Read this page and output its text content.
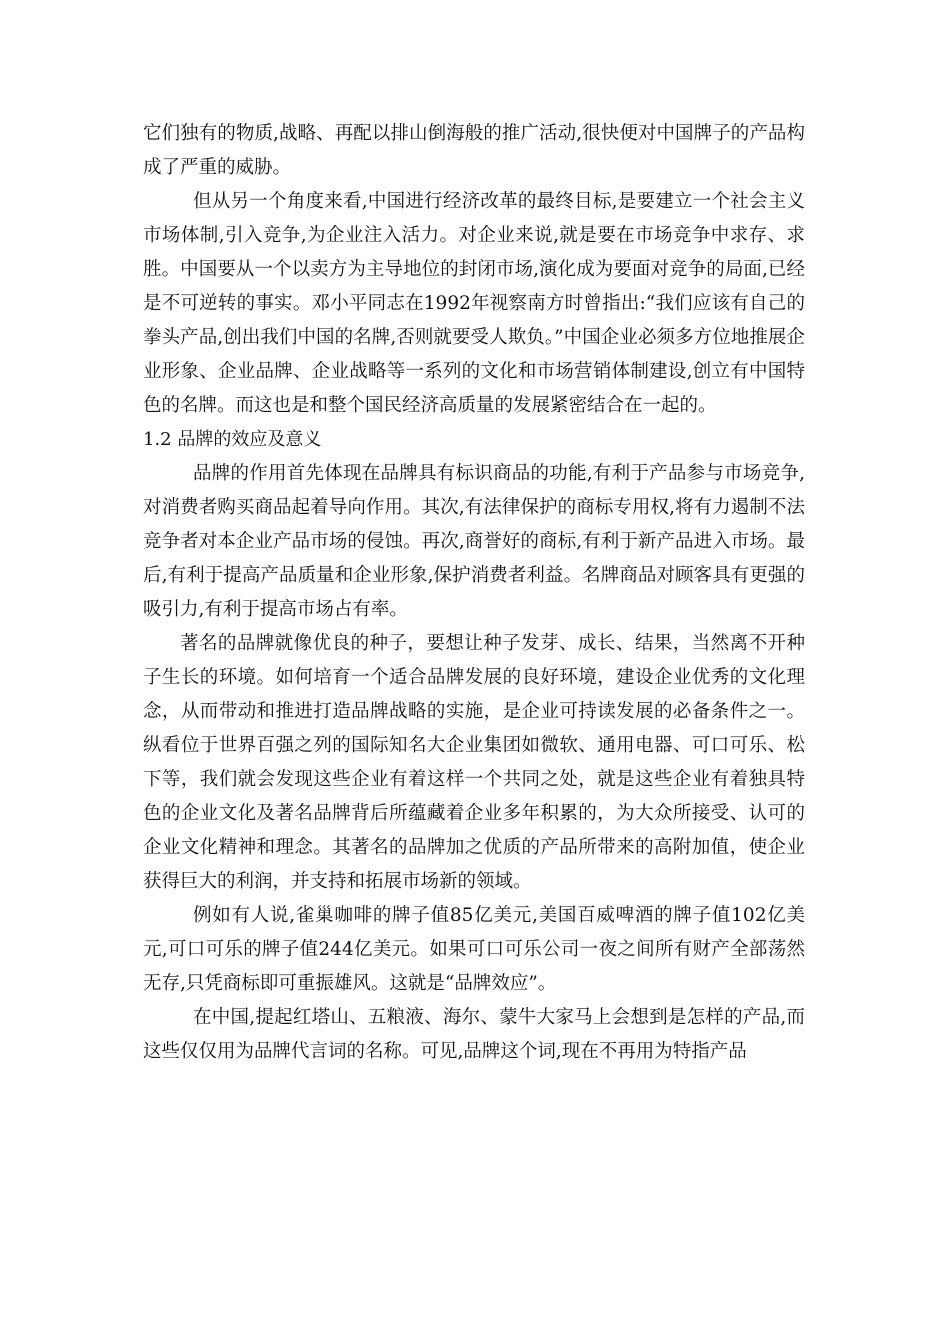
它们独有的物质,战略、再配以排山倒海般的推广活动,很快便对中国牌子的产品构成了严重的威胁。

但从另一个角度来看,中国进行经济改革的最终目标,是要建立一个社会主义市场体制,引入竞争,为企业注入活力。对企业来说,就是要在市场竞争中求存、求胜。中国要从一个以卖方为主导地位的封闭市场,演化成为要面对竞争的局面,已经是不可逆转的事实。邓小平同志在1992年视察南方时曾指出:“我们应该有自己的拳头产品,创出我们中国的名牌,否则就要受人欺负。”中国企业必须多方位地推展企业形象、企业品牌、企业战略等一系列的文化和市场营销体制建设,创立有中国特色的名牌。而这也是和整个国民经济高质量的发展紧密结合在一起的。

1.2 品牌的效应及意义

品牌的作用首先体现在品牌具有标识商品的功能,有利于产品参与市场竞争,对消费者购买商品起着导向作用。其次,有法律保护的商标专用权,将有力遏制不法竞争者对本企业产品市场的侵蚀。再次,商誉好的商标,有利于新产品进入市场。最后,有利于提高产品质量和企业形象,保护消费者利益。名牌商品对顾客具有更强的吸引力,有利于提高市场占有率。

著名的品牌就像优良的种子，要想让种子发芽、成长、结果，当然离不开种子生长的环境。如何培育一个适合品牌发展的良好环境，建设企业优秀的文化理念，从而带动和推进打造品牌战略的实施，是企业可持读发展的必备条件之一。纵看位于世界百强之列的国际知名大企业集团如微软、通用电器、可口可乐、松下等，我们就会发现这些企业有着这样一个共同之处，就是这些企业有着独具特色的企业文化及著名品牌背后所蕴藏着企业多年积累的，为大众所接受、认可的企业文化精神和理念。其著名的品牌加之优质的产品所带来的高附加值，使企业获得巨大的利润，并支持和拓展市场新的领域。

例如有人说,雀巢咖啡的牌子值85亿美元,美国百威啤酒的牌子值102亿美元,可口可乐的牌子值244亿美元。如果可口可乐公司一夜之间所有财产全部荡然无存,只凭商标即可重振雄风。这就是“品牌效应”。

在中国,提起红塔山、五粮液、海尔、蒙牛大家马上会想到是怎样的产品,而这些仅仅用为品牌代言词的名称。可见,品牌这个词,现在不再用为特指产品
